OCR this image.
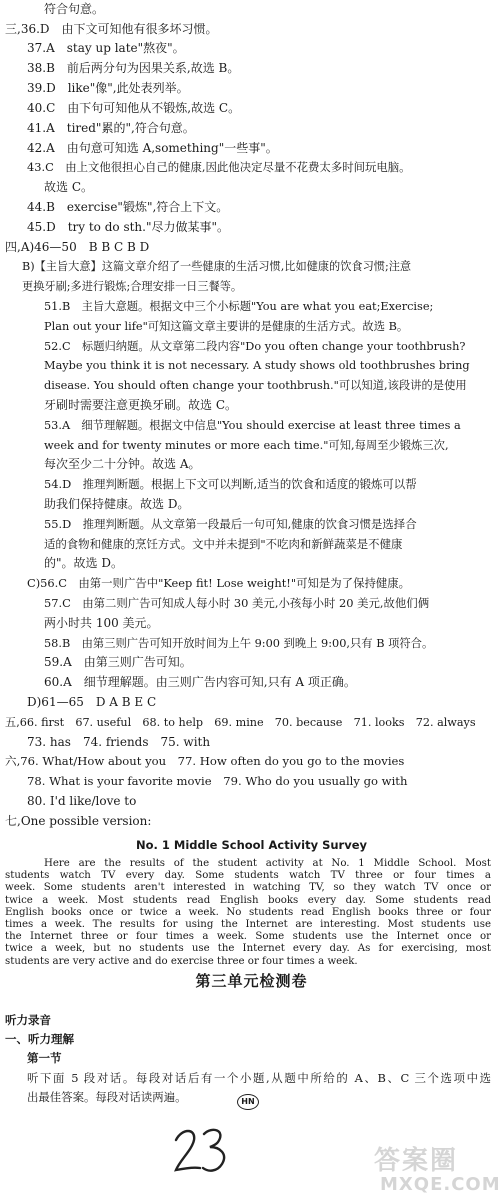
符合句意。
三,36.D　由下文可知他有很多坏习惯。
37.A　stay up late"熬夜"。
38.B　前后两分句为因果关系,故选 B。
39.D　like"像",此处表列举。
40.C　由下句可知他从不锻炼,故选 C。
41.A　tired"累的",符合句意。
42.A　由句意可知选 A,something"一些事"。
43.C　由上文他很担心自己的健康,因此他决定尽量不花费太多时间玩电脑。
故选 C。
44.B　exercise"锻炼",符合上下文。
45.D　try to do sth."尽力做某事"。
四,A)46—50　B B C B D
B)【主旨大意】这篇文章介绍了一些健康的生活习惯,比如健康的饮食习惯;注意
更换牙刷;多进行锻炼;合理安排一日三餐等。
51.B　主旨大意题。根据文中三个小标题"You are what you eat;Exercise;
Plan out your life"可知这篇文章主要讲的是健康的生活方式。故选 B。
52.C　标题归纳题。从文章第二段内容"Do you often change your toothbrush?
Maybe you think it is not necessary. A study shows old toothbrushes bring
disease. You should often change your toothbrush."可以知道,该段讲的是使用
牙刷时需要注意更换牙刷。故选 C。
53.A　细节理解题。根据文中信息"You should exercise at least three times a
week and for twenty minutes or more each time."可知,每周至少锻炼三次,
每次至少二十分钟。故选 A。
54.D　推理判断题。根据上下文可以判断,适当的饮食和适度的锻炼可以帮
助我们保持健康。故选 D。
55.D　推理判断题。从文章第一段最后一句可知,健康的饮食习惯是选择合
适的食物和健康的烹饪方式。文中并未提到"不吃肉和新鲜蔬菜是不健康
的"。故选 D。
C)56.C　由第一则广告中"Keep fit! Lose weight!"可知是为了保持健康。
57.C　由第二则广告可知成人每小时 30 美元,小孩每小时 20 美元,故他们俩
两小时共 100 美元。
58.B　由第三则广告可知开放时间为上午 9:00 到晚上 9:00,只有 B 项符合。
59.A　由第三则广告可知。
60.A　细节理解题。由三则广告内容可知,只有 A 项正确。
D)61—65　D A B E C
五,66. first　67. useful　68. to help　69. mine　70. because　71. looks　72. always
73. has　74. friends　75. with
六,76. What/How about you　77. How often do you go to the movies
78. What is your favorite movie　79. Who do you usually go with
80. I'd like/love to
七,One possible version:
No. 1 Middle School Activity Survey
Here are the results of the student activity at No. 1 Middle School. Most
students watch TV every day. Some students watch TV three or four times a
week. Some students aren't interested in watching TV, so they watch TV once or
twice a week. Most students read English books every day. Some students read
English books once or twice a week. No students read English books three or four
times a week. The results for using the Internet are interesting. Most students use
the Internet three or four times a week. Some students use the Internet once or
twice a week, but no students use the Internet every day. As for exercising, most
students are very active and do exercise three or four times a week.
第三单元检测卷
听力录音
一、听力理解
第一节
听下面 5 段对话。每段对话后有一个小题,从题中所给的 A、B、C 三个选项中选
出最佳答案。每段对话读两遍。	HN
答案圈
MXQE.COM
